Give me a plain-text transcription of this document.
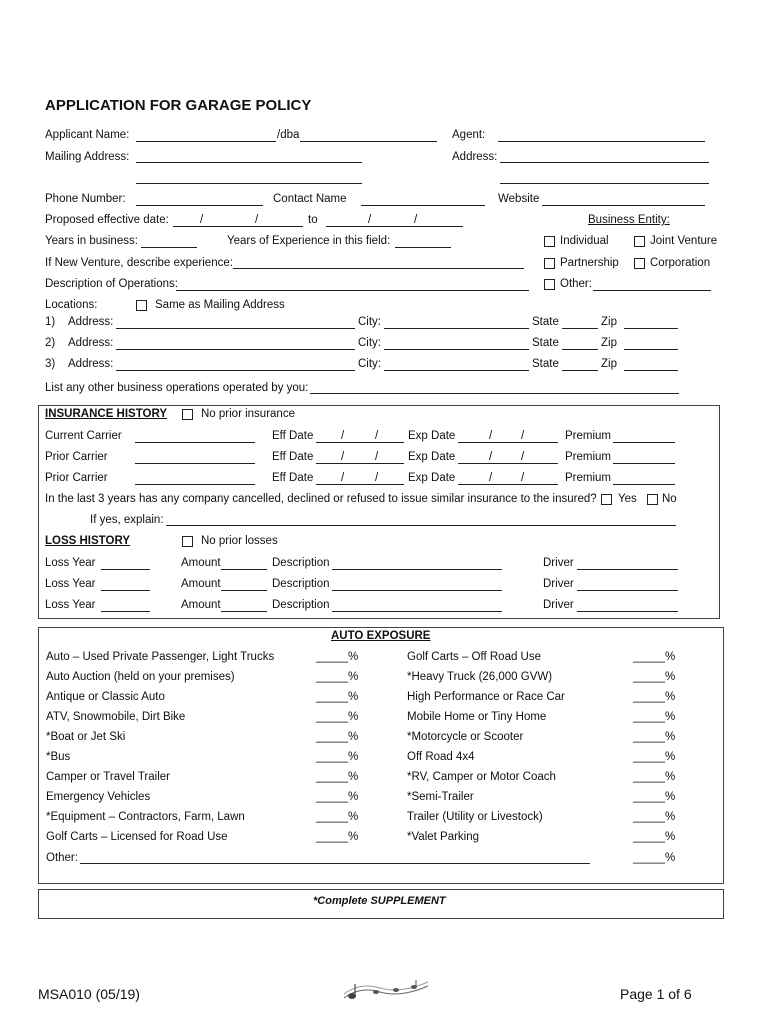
APPLICATION FOR GARAGE POLICY
Applicant Name:	/dba	Agent:
Mailing Address:	Address:
Phone Number:	Contact Name	Website
Proposed effective date:	/	/	to	/	/	Business Entity:
Years in business:	Years of Experience in this field:	Individual	Joint Venture
If New Venture, describe experience:	Partnership	Corporation
Description of Operations:	Other:
Locations:	Same as Mailing Address
1) Address:	City:	State	Zip
2) Address:	City:	State	Zip
3) Address:	City:	State	Zip
List any other business operations operated by you:
INSURANCE HISTORY	No prior insurance
Current Carrier	Eff Date /	/	Exp Date	/	/	Premium
Prior Carrier	Eff Date /	/	Exp Date	/	/	Premium
Prior Carrier	Eff Date /	/	Exp Date	/	/	Premium
In the last 3 years has any company cancelled, declined or refused to issue similar insurance to the insured? Yes No
If yes, explain:
LOSS HISTORY	No prior losses
Loss Year	Amount	Description	Driver
Loss Year	Amount	Description	Driver
Loss Year	Amount	Description	Driver
AUTO EXPOSURE
Auto – Used Private Passenger, Light Trucks	_____%	Golf Carts – Off Road Use	_____%
Auto Auction (held on your premises)	_____%	*Heavy Truck (26,000 GVW)	_____%
Antique or Classic Auto	_____%	High Performance or Race Car	_____%
ATV, Snowmobile, Dirt Bike	_____%	Mobile Home or Tiny Home	_____%
*Boat or Jet Ski	_____%	*Motorcycle or Scooter	_____%
*Bus	_____%	Off Road 4x4	_____%
Camper or Travel Trailer	_____%	*RV, Camper or Motor Coach	_____%
Emergency Vehicles	_____%	*Semi-Trailer	_____%
*Equipment – Contractors, Farm, Lawn	_____%	Trailer (Utility or Livestock)	_____%
Golf Carts – Licensed for Road Use	_____%	*Valet Parking	_____%
Other:	_____%
*Complete SUPPLEMENT
MSA010 (05/19)	Page 1 of 6
